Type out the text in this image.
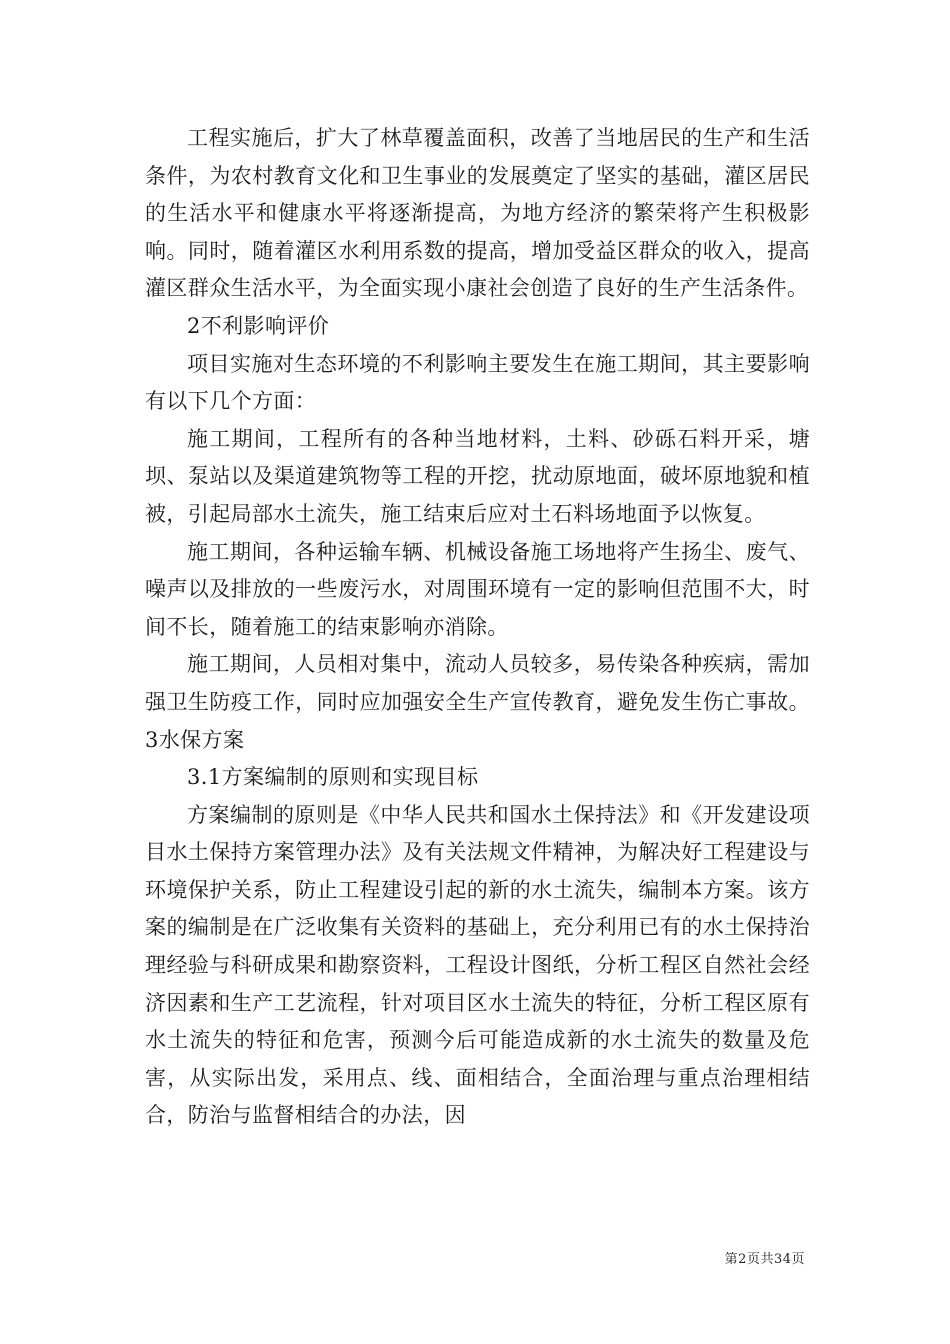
工程实施后，扩大了林草覆盖面积，改善了当地居民的生产和生活条件，为农村教育文化和卫生事业的发展奠定了坚实的基础，灌区居民的生活水平和健康水平将逐渐提高，为地方经济的繁荣将产生积极影响。同时，随着灌区水利用系数的提高，增加受益区群众的收入，提高灌区群众生活水平，为全面实现小康社会创造了良好的生产生活条件。

2不利影响评价

项目实施对生态环境的不利影响主要发生在施工期间，其主要影响有以下几个方面：

施工期间，工程所有的各种当地材料，土料、砂砾石料开采，塘坝、泵站以及渠道建筑物等工程的开挖，扰动原地面，破坏原地貌和植被，引起局部水土流失，施工结束后应对土石料场地面予以恢复。

施工期间，各种运输车辆、机械设备施工场地将产生扬尘、废气、噪声以及排放的一些废污水，对周围环境有一定的影响但范围不大，时间不长，随着施工的结束影响亦消除。

施工期间，人员相对集中，流动人员较多，易传染各种疾病，需加强卫生防疫工作，同时应加强安全生产宣传教育，避免发生伤亡事故。3水保方案

3.1方案编制的原则和实现目标

方案编制的原则是《中华人民共和国水土保持法》和《开发建设项目水土保持方案管理办法》及有关法规文件精神，为解决好工程建设与环境保护关系，防止工程建设引起的新的水土流失，编制本方案。该方案的编制是在广泛收集有关资料的基础上，充分利用已有的水土保持治理经验与科研成果和勘察资料，工程设计图纸，分析工程区自然社会经济因素和生产工艺流程，针对项目区水土流失的特征，分析工程区原有水土流失的特征和危害，预测今后可能造成新的水土流失的数量及危害，从实际出发，采用点、线、面相结合，全面治理与重点治理相结合，防治与监督相结合的办法，因

第2页共34页
